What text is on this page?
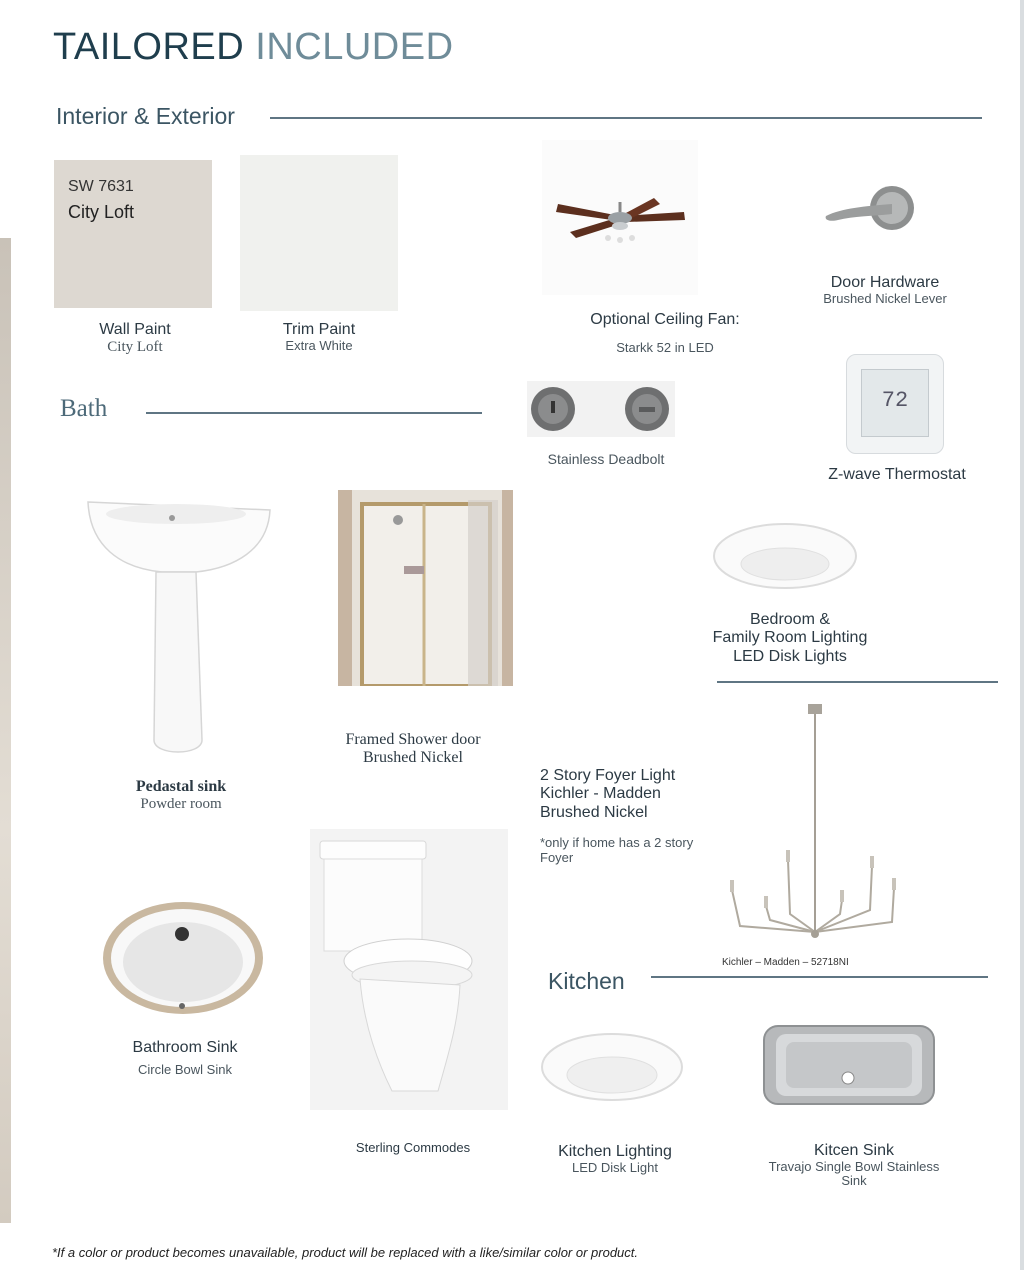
TAILORED INCLUDED
Interior & Exterior
SW 7631
City Loft
Wall Paint
City Loft
Trim Paint
Extra White
Optional Ceiling Fan:
Starkk 52 in LED
Door Hardware
Brushed Nickel Lever
Bath
Stainless Deadbolt
72
Z-wave Thermostat
Pedastal sink
Powder room
Framed Shower door
Brushed Nickel
Bedroom &
Family Room Lighting
LED Disk Lights
2 Story Foyer Light
Kichler - Madden
Brushed Nickel
*only if home has a 2 story
Foyer
Kichler – Madden – 52718NI
Bathroom Sink
Circle Bowl Sink
Sterling Commodes
Kitchen
Kitchen Lighting
LED Disk Light
Kitcen Sink
Travajo Single Bowl Stainless
Sink
*If a color or product becomes unavailable, product will be replaced with a like/similar color or product.
